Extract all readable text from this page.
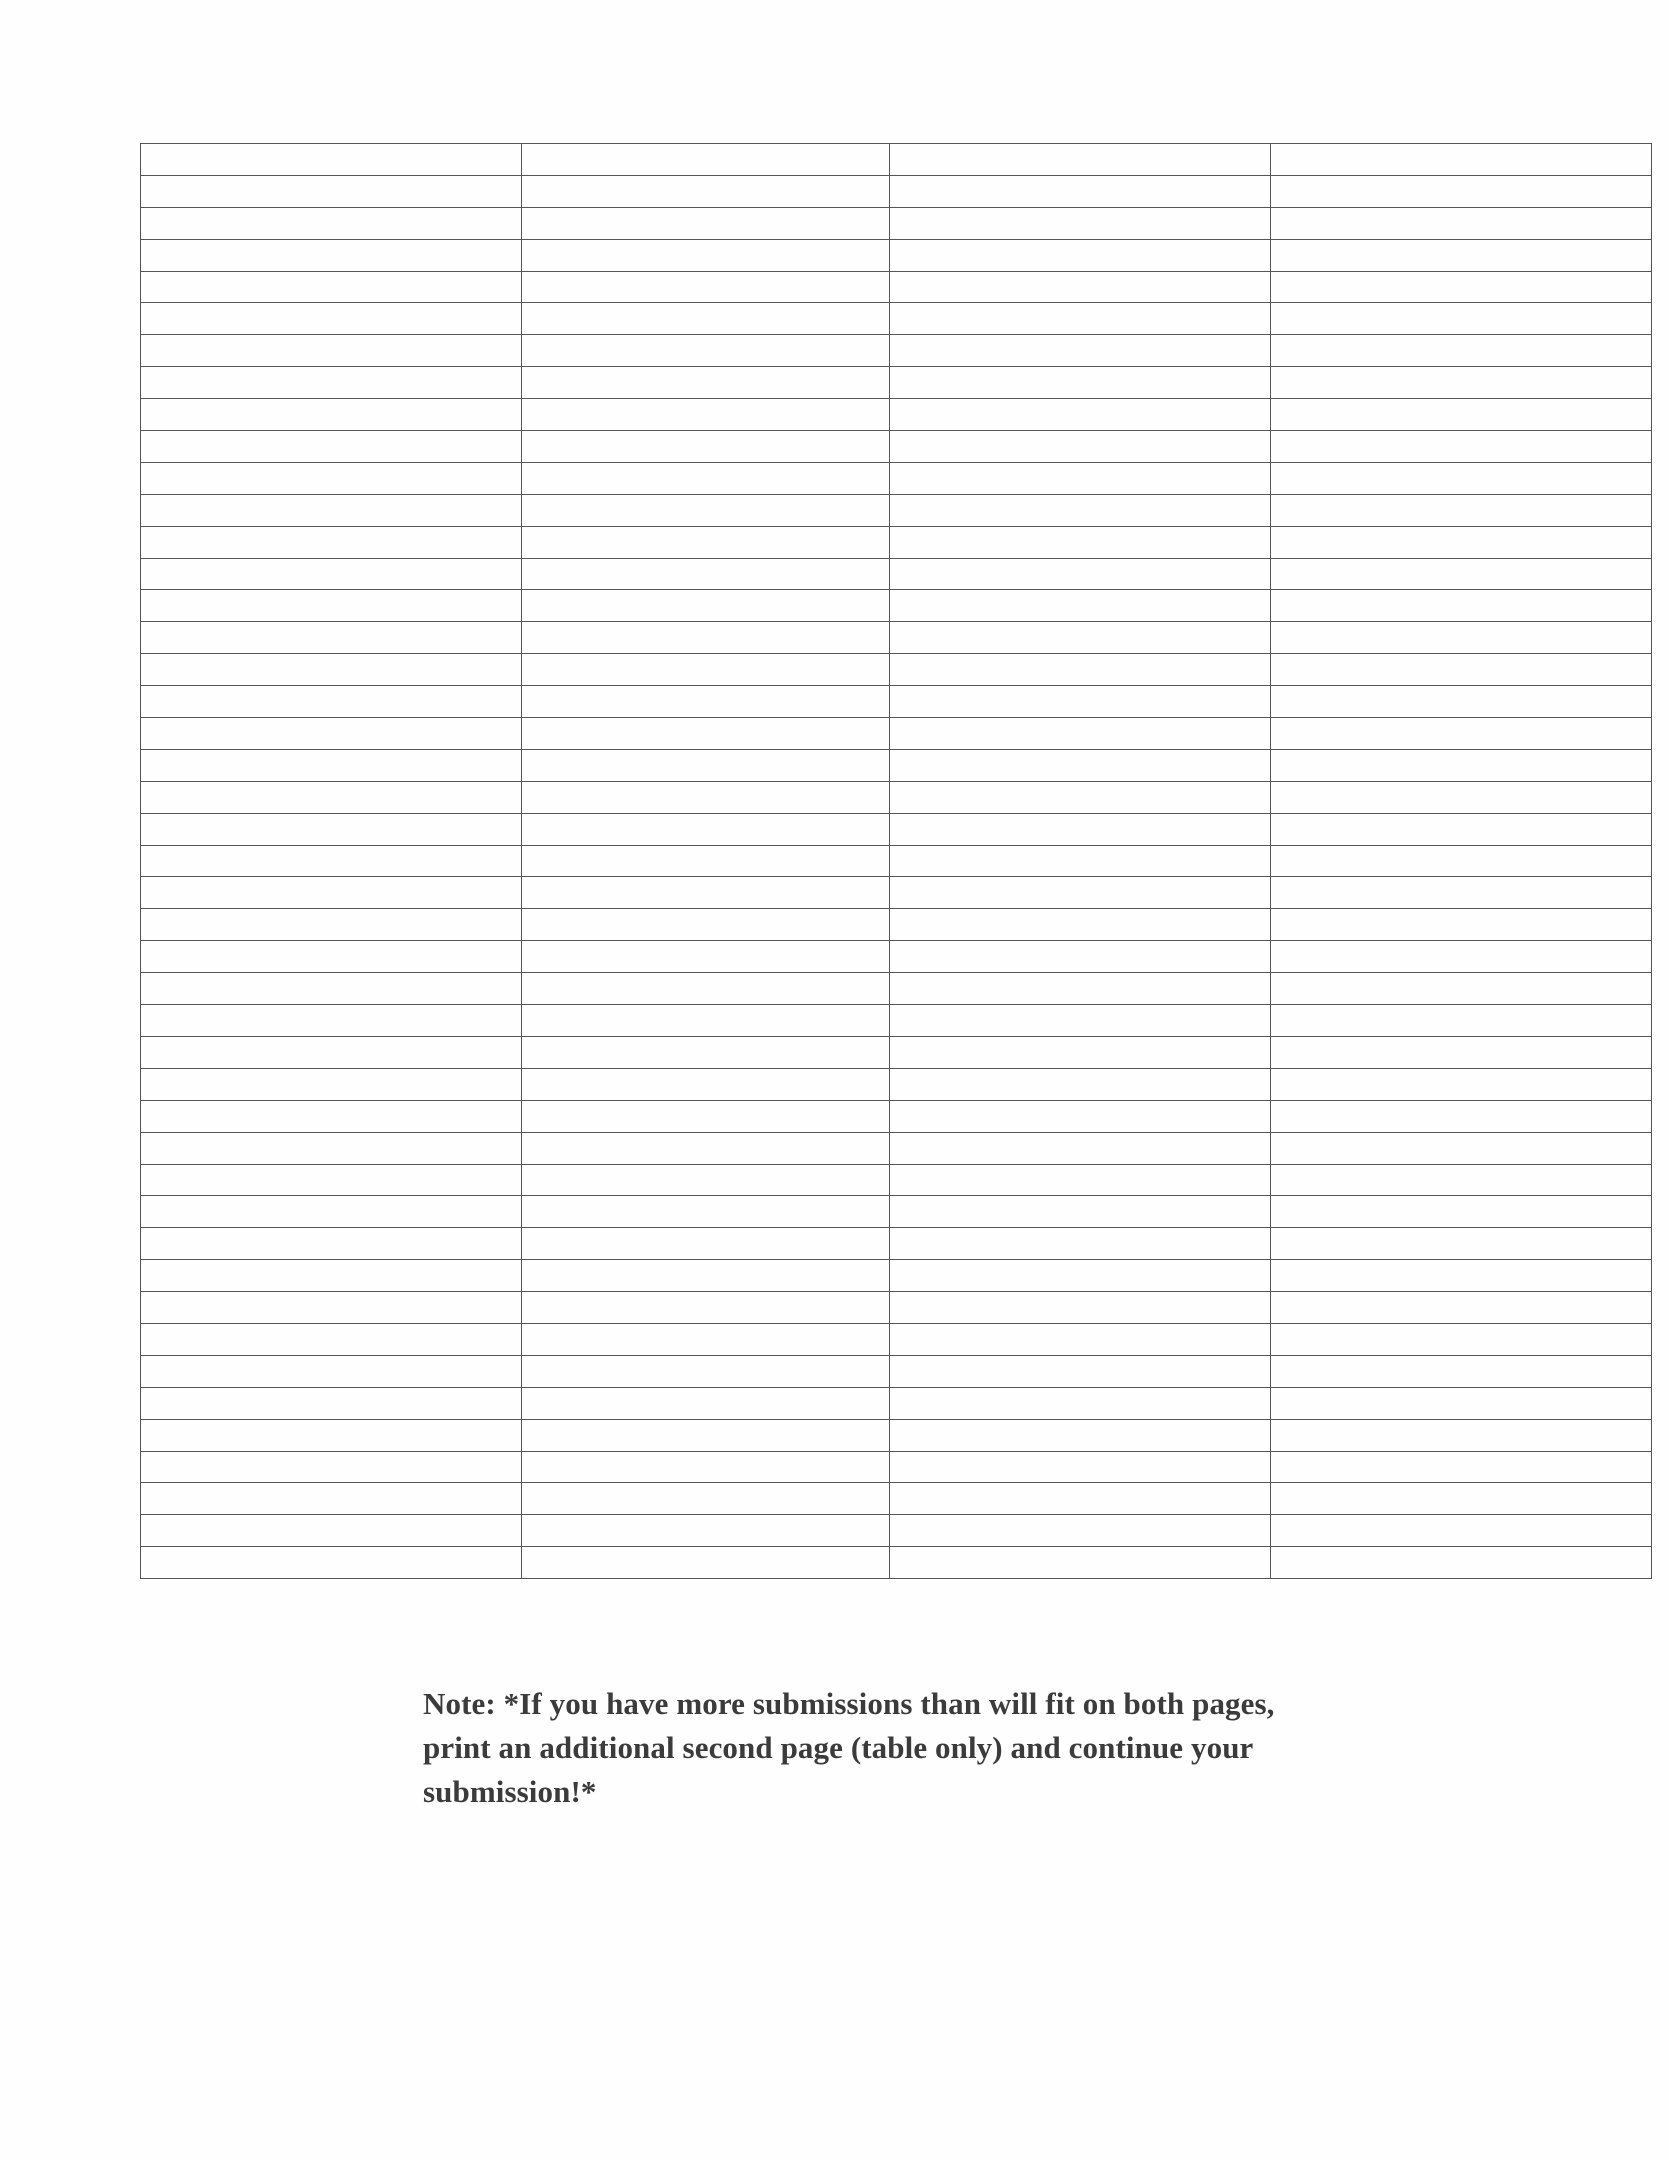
Note: *If you have more submissions than will fit on both pages, print an additional second page (table only) and continue your submission!*
